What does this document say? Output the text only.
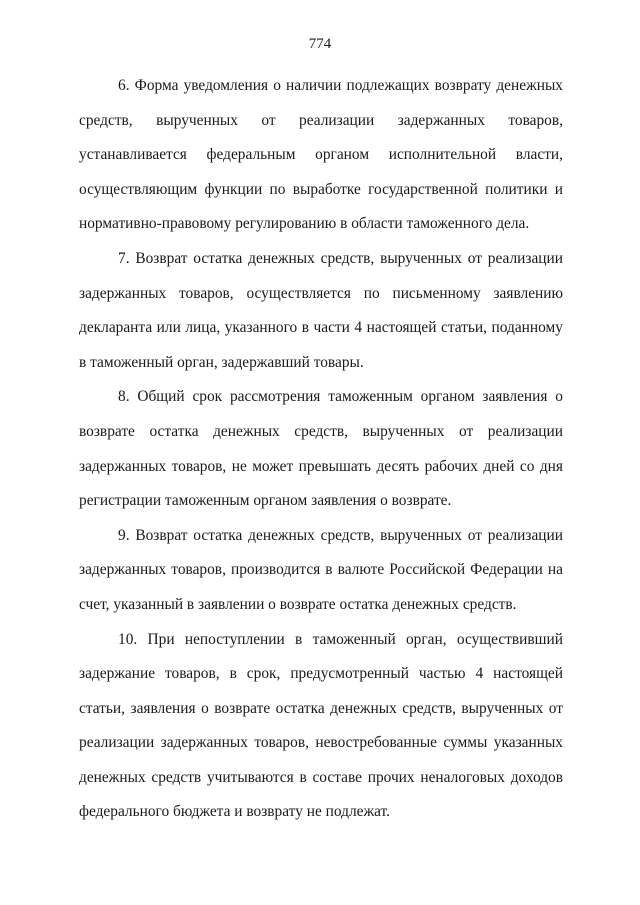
774

6. Форма уведомления о наличии подлежащих возврату денежных средств, вырученных от реализации задержанных товаров, устанавливается федеральным органом исполнительной власти, осуществляющим функции по выработке государственной политики и нормативно-правовому регулированию в области таможенного дела.

7. Возврат остатка денежных средств, вырученных от реализации задержанных товаров, осуществляется по письменному заявлению декларанта или лица, указанного в части 4 настоящей статьи, поданному в таможенный орган, задержавший товары.

8. Общий срок рассмотрения таможенным органом заявления о возврате остатка денежных средств, вырученных от реализации задержанных товаров, не может превышать десять рабочих дней со дня регистрации таможенным органом заявления о возврате.

9. Возврат остатка денежных средств, вырученных от реализации задержанных товаров, производится в валюте Российской Федерации на счет, указанный в заявлении о возврате остатка денежных средств.

10. При непоступлении в таможенный орган, осуществивший задержание товаров, в срок, предусмотренный частью 4 настоящей статьи, заявления о возврате остатка денежных средств, вырученных от реализации задержанных товаров, невостребованные суммы указанных денежных средств учитываются в составе прочих неналоговых доходов федерального бюджета и возврату не подлежат.
